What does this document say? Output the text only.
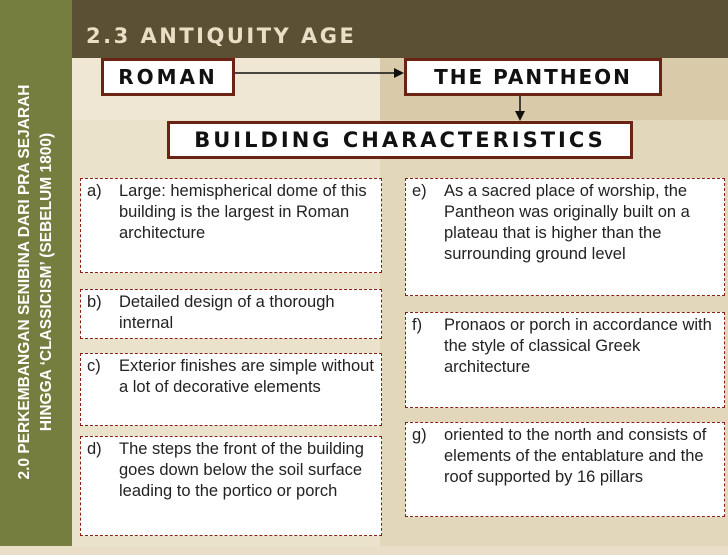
2.0 PERKEMBANGAN SENIBINA DARI PRA SEJARAH HINGGA ‘CLASSICISM’ (SEBELUM 1800)
2.3 ANTIQUITY AGE
ROMAN	THE PANTHEON
BUILDING CHARACTERISTICS
a)	Large: hemispherical dome of this building is the largest in Roman architecture
b)	Detailed design of a thorough internal
c)	Exterior finishes are simple without a lot of decorative elements
d)	The steps the front of the building goes down below the soil surface leading to the portico or porch
e)	As a sacred place of worship, the Pantheon was originally built on a plateau that is higher than the surrounding ground level
f)	Pronaos or porch in accordance with the style of classical Greek architecture
g)	oriented to the north and consists of elements of the entablature and the roof supported by 16 pillars
